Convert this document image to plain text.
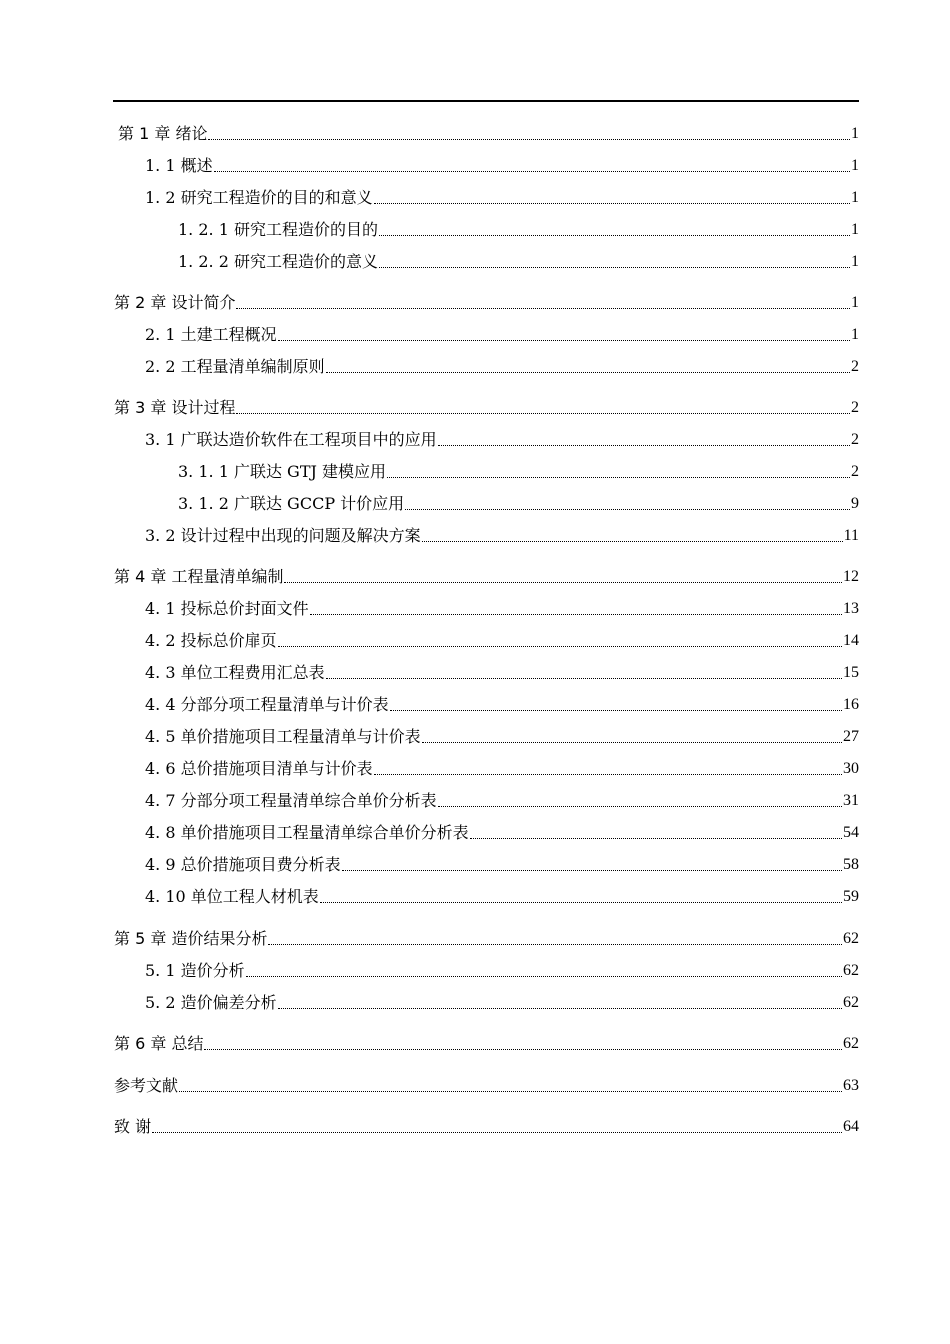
第 1 章 绪论	1
1. 1 概述	1
1. 2 研究工程造价的目的和意义	1
1. 2. 1 研究工程造价的目的	1
1. 2. 2 研究工程造价的意义	1
第 2 章 设计简介	1
2. 1 土建工程概况	1
2. 2 工程量清单编制原则	2
第 3 章 设计过程	2
3. 1 广联达造价软件在工程项目中的应用	2
3. 1. 1 广联达 GTJ 建模应用	2
3. 1. 2 广联达 GCCP 计价应用	9
3. 2 设计过程中出现的问题及解决方案	11
第 4 章 工程量清单编制	12
4. 1 投标总价封面文件	13
4. 2 投标总价扉页	14
4. 3 单位工程费用汇总表	15
4. 4 分部分项工程量清单与计价表	16
4. 5 单价措施项目工程量清单与计价表	27
4. 6 总价措施项目清单与计价表	30
4. 7 分部分项工程量清单综合单价分析表	31
4. 8 单价措施项目工程量清单综合单价分析表	54
4. 9 总价措施项目费分析表	58
4. 10 单位工程人材机表	59
第 5 章 造价结果分析	62
5. 1 造价分析	62
5. 2 造价偏差分析	62
第 6 章 总结	62
参考文献	63
致 谢	64
